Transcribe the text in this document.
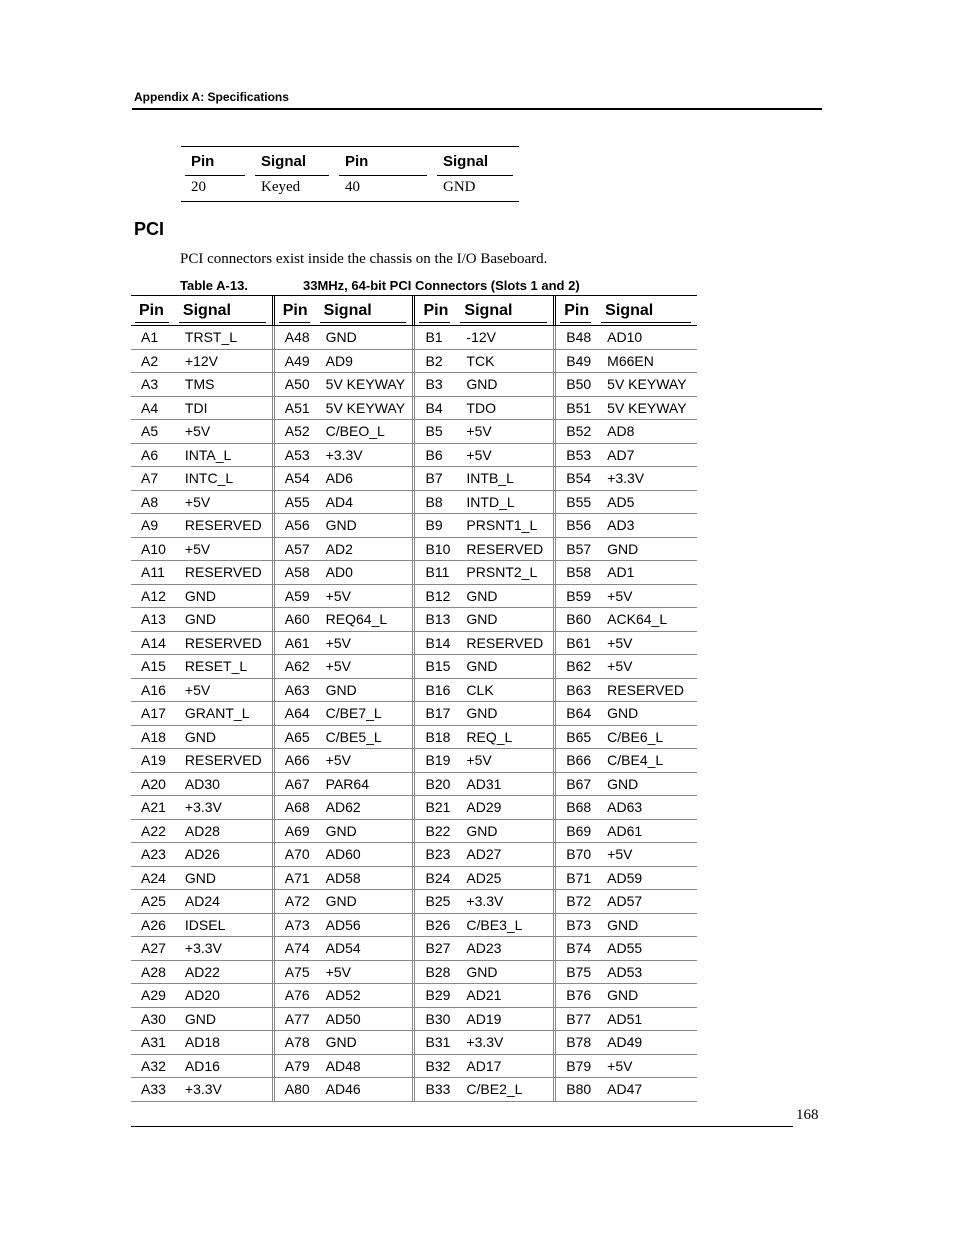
Appendix A: Specifications
Pin	Signal	Pin	Signal
20	Keyed	40	GND
PCI
PCI connectors exist inside the chassis on the I/O Baseboard.
Table A-13.	33MHz, 64-bit PCI Connectors (Slots 1 and 2)
Pin Signal	Pin Signal	Pin Signal	Pin Signal
A1	TRST_L	A48	GND	B1	-12V	B48	AD10
A2	+12V	A49	AD9	B2	TCK	B49	M66EN
A3	TMS	A50	5V KEYWAY	B3	GND	B50	5V KEYWAY
A4	TDI	A51	5V KEYWAY	B4	TDO	B51	5V KEYWAY
A5	+5V	A52	C/BEO_L	B5	+5V	B52	AD8
A6	INTA_L	A53	+3.3V	B6	+5V	B53	AD7
A7	INTC_L	A54	AD6	B7	INTB_L	B54	+3.3V
A8	+5V	A55	AD4	B8	INTD_L	B55	AD5
A9	RESERVED	A56	GND	B9	PRSNT1_L	B56	AD3
A10	+5V	A57	AD2	B10	RESERVED	B57	GND
A11	RESERVED	A58	AD0	B11	PRSNT2_L	B58	AD1
A12	GND	A59	+5V	B12	GND	B59	+5V
A13	GND	A60	REQ64_L	B13	GND	B60	ACK64_L
A14	RESERVED	A61	+5V	B14	RESERVED	B61	+5V
A15	RESET_L	A62	+5V	B15	GND	B62	+5V
A16	+5V	A63	GND	B16	CLK	B63	RESERVED
A17	GRANT_L	A64	C/BE7_L	B17	GND	B64	GND
A18	GND	A65	C/BE5_L	B18	REQ_L	B65	C/BE6_L
A19	RESERVED	A66	+5V	B19	+5V	B66	C/BE4_L
A20	AD30	A67	PAR64	B20	AD31	B67	GND
A21	+3.3V	A68	AD62	B21	AD29	B68	AD63
A22	AD28	A69	GND	B22	GND	B69	AD61
A23	AD26	A70	AD60	B23	AD27	B70	+5V
A24	GND	A71	AD58	B24	AD25	B71	AD59
A25	AD24	A72	GND	B25	+3.3V	B72	AD57
A26	IDSEL	A73	AD56	B26	C/BE3_L	B73	GND
A27	+3.3V	A74	AD54	B27	AD23	B74	AD55
A28	AD22	A75	+5V	B28	GND	B75	AD53
A29	AD20	A76	AD52	B29	AD21	B76	GND
A30	GND	A77	AD50	B30	AD19	B77	AD51
A31	AD18	A78	GND	B31	+3.3V	B78	AD49
A32	AD16	A79	AD48	B32	AD17	B79	+5V
A33	+3.3V	A80	AD46	B33	C/BE2_L	B80	AD47
168
